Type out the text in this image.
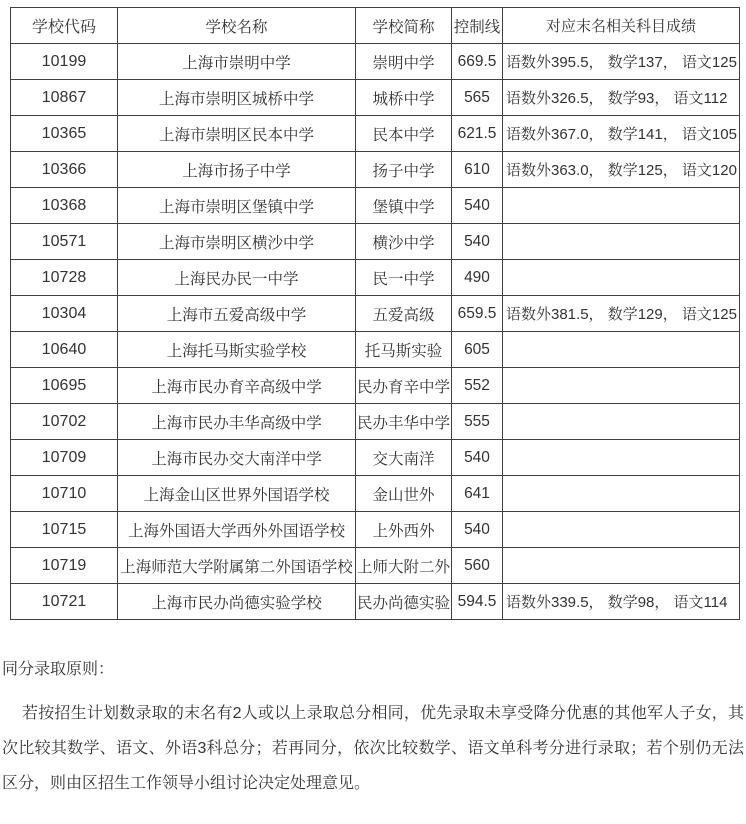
学校代码	学校名称	学校简称	控制线	对应末名相关科目成绩
10199	上海市崇明中学	崇明中学	669.5	语数外395.5， 数学137， 语文125
10867	上海市崇明区城桥中学	城桥中学	565	语数外326.5， 数学93， 语文112
10365	上海市崇明区民本中学	民本中学	621.5	语数外367.0， 数学141， 语文105
10366	上海市扬子中学	扬子中学	610	语数外363.0， 数学125， 语文120
10368	上海市崇明区堡镇中学	堡镇中学	540	
10571	上海市崇明区横沙中学	横沙中学	540	
10728	上海民办民一中学	民一中学	490	
10304	上海市五爱高级中学	五爱高级	659.5	语数外381.5， 数学129， 语文125
10640	上海托马斯实验学校	托马斯实验	605	
10695	上海市民办育辛高级中学	民办育辛中学	552	
10702	上海市民办丰华高级中学	民办丰华中学	555	
10709	上海市民办交大南洋中学	交大南洋	540	
10710	上海金山区世界外国语学校	金山世外	641	
10715	上海外国语大学西外外国语学校	上外西外	540	
10719	上海师范大学附属第二外国语学校	上师大附二外	560	
10721	上海市民办尚德实验学校	民办尚德实验	594.5	语数外339.5， 数学98， 语文114

同分录取原则：

若按招生计划数录取的末名有2人或以上录取总分相同，优先录取未享受降分优惠的其他军人子女，其次比较其数学、语文、外语3科总分；若再同分，依次比较数学、语文单科考分进行录取；若个别仍无法区分，则由区招生工作领导小组讨论决定处理意见。
